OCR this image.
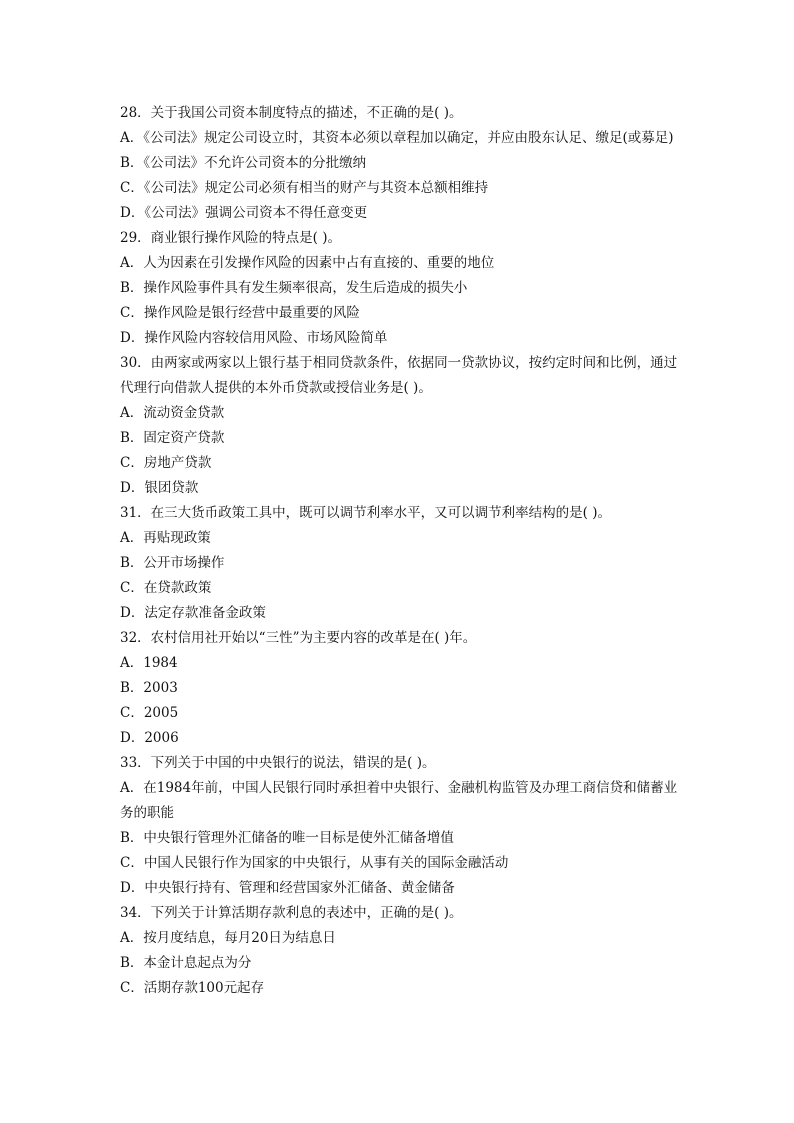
28．关于我国公司资本制度特点的描述，不正确的是( )。

A．《公司法》规定公司设立时，其资本必须以章程加以确定，并应由股东认足、缴足(或募足)

B．《公司法》不允许公司资本的分批缴纳

C．《公司法》规定公司必须有相当的财产与其资本总额相维持

D．《公司法》强调公司资本不得任意变更

29．商业银行操作风险的特点是( )。

A．人为因素在引发操作风险的因素中占有直接的、重要的地位

B．操作风险事件具有发生频率很高，发生后造成的损失小

C．操作风险是银行经营中最重要的风险

D．操作风险内容较信用风险、市场风险简单

30．由两家或两家以上银行基于相同贷款条件，依据同一贷款协议，按约定时间和比例，通过代理行向借款人提供的本外币贷款或授信业务是( )。

A．流动资金贷款

B．固定资产贷款

C．房地产贷款

D．银团贷款

31．在三大货币政策工具中，既可以调节利率水平，又可以调节利率结构的是( )。

A．再贴现政策

B．公开市场操作

C．在贷款政策

D．法定存款准备金政策

32．农村信用社开始以“三性”为主要内容的改革是在( )年。

A．1984

B．2003

C．2005

D．2006

33．下列关于中国的中央银行的说法，错误的是( )。

A．在1984年前，中国人民银行同时承担着中央银行、金融机构监管及办理工商信贷和储蓄业务的职能

B．中央银行管理外汇储备的唯一目标是使外汇储备增值

C．中国人民银行作为国家的中央银行，从事有关的国际金融活动

D．中央银行持有、管理和经营国家外汇储备、黄金储备

34．下列关于计算活期存款利息的表述中，正确的是( )。

A．按月度结息，每月20日为结息日

B．本金计息起点为分

C．活期存款100元起存
